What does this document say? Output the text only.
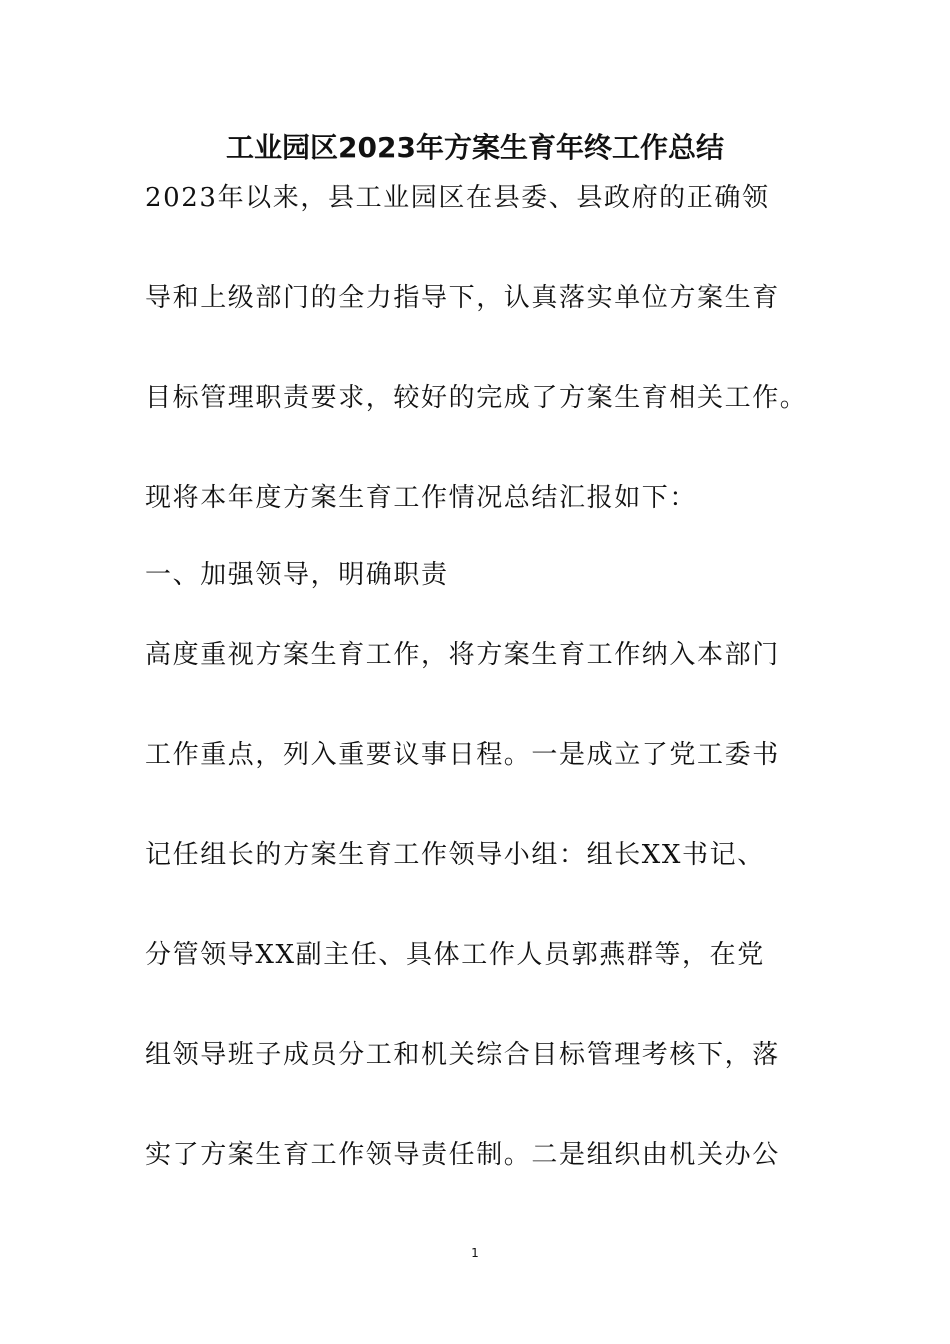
工业园区2023年方案生育年终工作总结
2023年以来，县工业园区在县委、县政府的正确领
导和上级部门的全力指导下，认真落实单位方案生育
目标管理职责要求，较好的完成了方案生育相关工作。
现将本年度方案生育工作情况总结汇报如下：
一、加强领导，明确职责
高度重视方案生育工作，将方案生育工作纳入本部门
工作重点，列入重要议事日程。一是成立了党工委书
记任组长的方案生育工作领导小组：组长XX书记、
分管领导XX副主任、具体工作人员郭燕群等，在党
组领导班子成员分工和机关综合目标管理考核下，落
实了方案生育工作领导责任制。二是组织由机关办公
1
